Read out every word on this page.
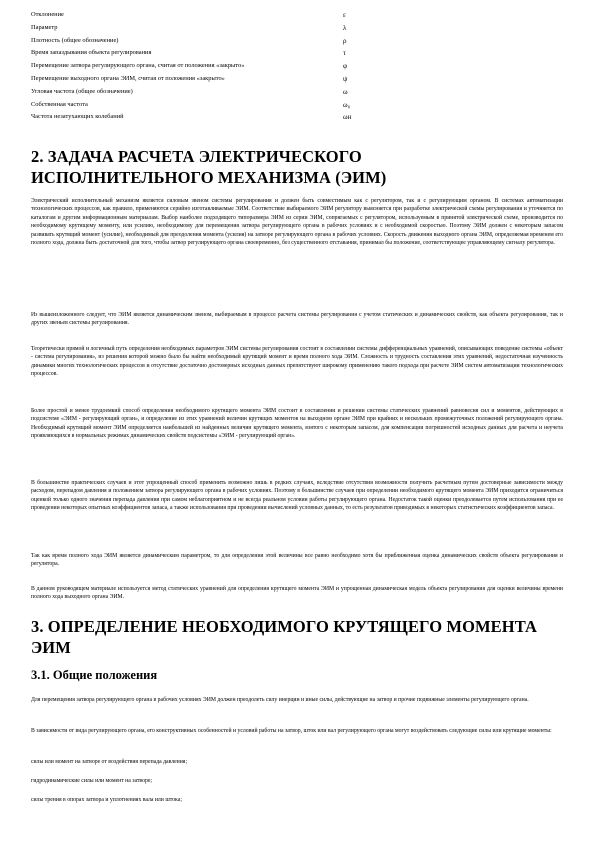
Отклонение	ε
Параметр	λ
Плотность (общее обозначение)	ρ
Время запаздывания объекта регулирования	τ
Перемещение затвора регулирующего органа, считая от положения «закрыто»	φ
Перемещение выходного органа ЭИМ, считая от положения «закрыто»	ψ
Угловая частота (общее обозначение)	ω
Собственная частота	ω₀
Частота незатухающих колебаний	ωн
2. ЗАДАЧА РАСЧЕТА ЭЛЕКТРИЧЕСКОГО
ИСПОЛНИТЕЛЬНОГО МЕХАНИЗМА (ЭИМ)

Электрический исполнительный механизм является силовым звеном системы регулирования и должен быть совместимым как с регулятором, так и с регулирующим органом. В системах автоматизации технологических процессов, как правило, применяются серийно изготавливаемые ЭИМ. Соответствие выбираемого ЭИМ регулятору выясняется при разработке электрической схемы регулирования и уточняется по каталогам и другим информационным материалам. Выбор наиболее подходящего типоразмера ЭИМ из серии ЭИМ, сопрягаемых с регулятором, используемым в принятой электрической схеме, производится по необходимому крутящему моменту, или усилию, необходимому для перемещения затвора регулирующего органа в рабочих условиях и с необходимой скоростью. Поэтому ЭИМ должен с некоторым запасом развивать крутящий момент (усилие), необходимый для преодоления момента (усилия) на затворе регулирующего органа в рабочих условиях. Скорость движения выходного органа ЭИМ, определяемая временем его полного хода, должна быть достаточной для того, чтобы затвор регулирующего органа своевременно, без существенного отставания, принимал бы положение, соответствующее управляющему сигналу регулятора.

Из вышеизложенного следует, что ЭИМ является динамическим звеном, выбираемым в процессе расчета системы регулирования с учетом статических и динамических свойств, как объекта регулирования, так и других звеньев системы регулирования.

Теоретически прямой и логичный путь определения необходимых параметров ЭИМ системы регулирования состоит в составлении системы дифференциальных уравнений, описывающих поведение системы «объект - система регулирования», из решения которой можно было бы найти необходимый крутящий момент и время полного хода ЭИМ. Сложность и трудность составления этих уравнений, недостаточная изученность динамики многих технологических процессов и отсутствие достаточно достоверных исходных данных препятствуют широкому применению такого подхода при расчете ЭИМ систем автоматизации технологических процессов.

Более простой и менее трудоемкий способ определения необходимого крутящего момента ЭИМ состоит в составлении и решении системы статических уравнений равновесия сил и моментов, действующих в подсистеме «ЭИМ - регулирующий орган», и определение из этих уравнений величин крутящих моментов на выходном органе ЭИМ при крайних и нескольких промежуточных положений регулирующего органа. Необходимый крутящий момент ЭИМ определяется наибольшей из найденных величин крутящего момента, взятого с некоторым запасом, для компенсации погрешностей исходных данных для расчета и неучета проявляющихся в нормальных режимах динамических свойств подсистемы «ЭИМ - регулирующий орган».

В большинстве практических случаев и этот упрощенный способ применить возможно лишь в редких случаях, вследствие отсутствия возможности получить расчетным путем достоверные зависимости между расходом, перепадом давления и положением затвора регулирующего органа в рабочих условиях. Поэтому в большинстве случаев при определении необходимого крутящего момента ЭИМ приходится ограничиться оценкой только одного значения перепада давления при самом неблагоприятном и не всегда реальном условии работы регулирующего органа. Недостаток такой оценки преодолевается путем использования при ее проведении некоторых опытных коэффициентов запаса, а также использования при проведении вычислений условных данных, то есть результатов приводимых в некоторых статистических коэффициентов запаса.

Так как время полного хода ЭИМ является динамическим параметром, то для определения этой величины все равно необходимо хотя бы приближенная оценка динамических свойств объекта регулирования и регулятора.

В данном руководящем материале используется метод статических уравнений для определения крутящего момента ЭИМ и упрощенная динамическая модель объекта регулирования для оценки величины времени полного хода выходного органа ЭИМ.

3. ОПРЕДЕЛЕНИЕ НЕОБХОДИМОГО КРУТЯЩЕГО МОМЕНТА
ЭИМ
3.1. Общие положения

Для перемещения затвора регулирующего органа в рабочих условиях ЭИМ должен преодолеть силу инерции и иные силы, действующие на затвор и прочие подвижные элементы регулирующего органа.

В зависимости от вида регулирующего органа, его конструктивных особенностей и условий работы на затвор, шток или вал регулирующего органа могут воздействовать следующие силы или крутящие моменты:

силы или момент на затворе от воздействия перепада давления;

гидродинамические силы или момент на затворе;

силы трения в опорах затвора и уплотнениях вала или штока;
